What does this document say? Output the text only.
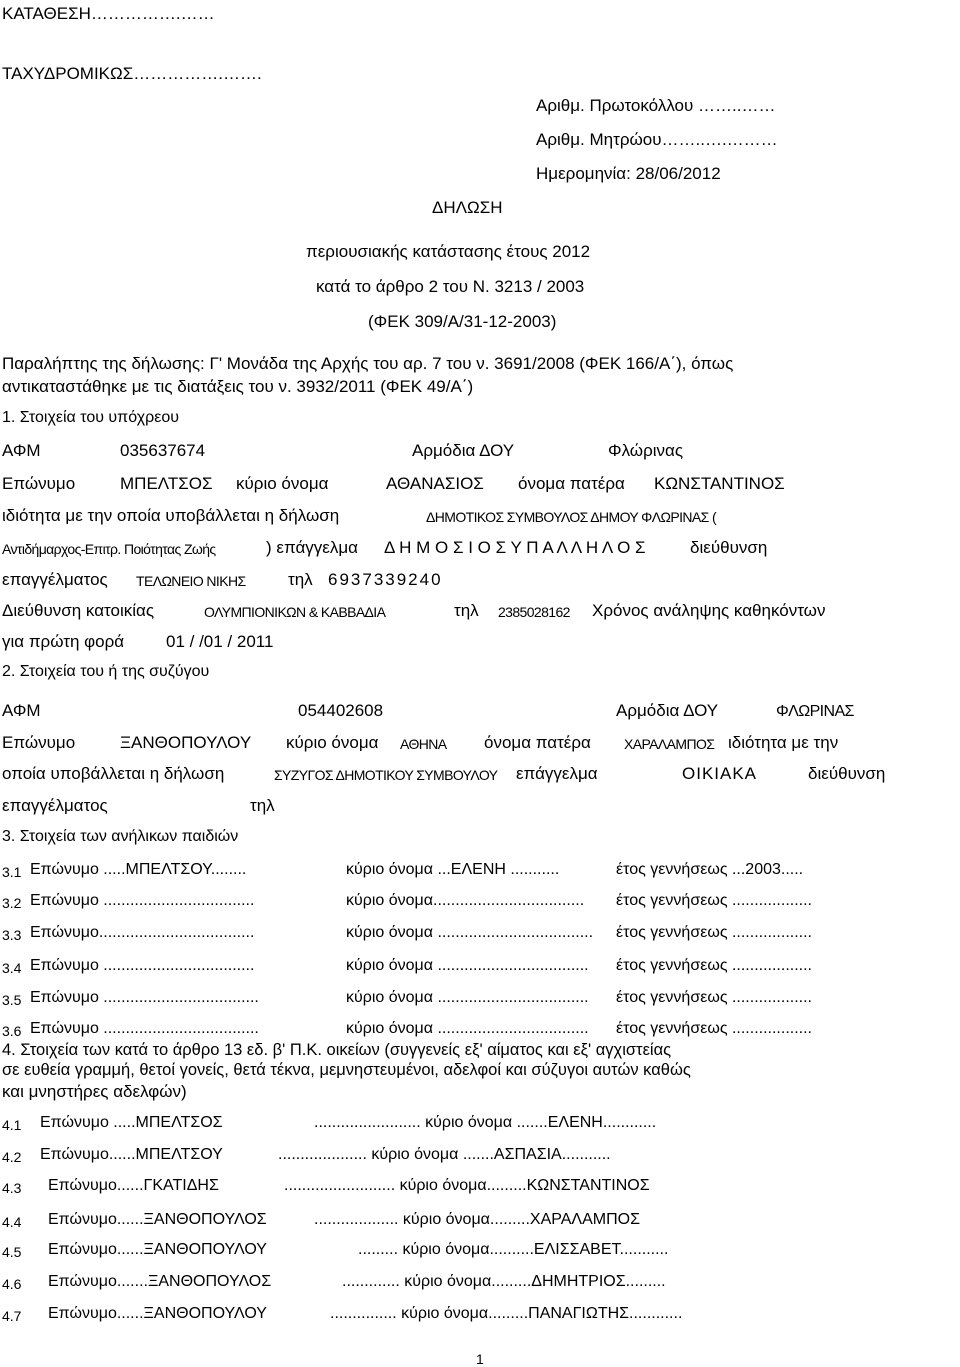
ΚΑΤΑΘΕΣΗ…………….……
ΤΑΧΥΔΡΟΜΙΚΩΣ…………….…….
Αριθμ. Πρωτοκόλλου ……..……
Αριθμ. Μητρώου……..….………
Ημερομηνία: 28/06/2012
ΔΗΛΩΣΗ
περιουσιακής κατάστασης έτους 2012
κατά το άρθρο 2 του Ν. 3213 / 2003
(ΦΕΚ 309/Α/31-12-2003)
Παραλήπτης της δήλωσης: Γ' Μονάδα της Αρχής του αρ. 7 του ν. 3691/2008 (ΦΕΚ 166/Α΄), όπως
αντικαταστάθηκε με τις διατάξεις του ν. 3932/2011 (ΦΕΚ 49/Α΄)
1. Στοιχεία του υπόχρεου
ΑΦΜ	035637674	Αρμόδια ΔΟΥ	Φλώρινας
Επώνυμο	ΜΠΕΛΤΣΟΣ κύριο όνομα	ΑΘΑΝΑΣΙΟΣ όνομα πατέρα ΚΩΝΣΤΑΝΤΙΝΟΣ
ιδιότητα με την οποία υποβάλλεται η δήλωση	ΔΗΜΟΤΙΚΟΣ ΣΥΜΒΟΥΛΟΣ ΔΗΜΟΥ ΦΛΩΡΙΝΑΣ (
Αντιδήμαρχος-Επιτρ. Ποιότητας Ζωής	) επάγγελμα Δ Η Μ Ο Σ Ι Ο Σ Υ Π Α Λ Λ Η Λ Ο Σ	διεύθυνση
επαγγέλματος ΤΕΛΩΝΕΙΟ ΝΙΚΗΣ τηλ 6937339240
Διεύθυνση κατοικίας	ΟΛΥΜΠΙΟΝΙΚΩΝ & ΚΑΒΒΑΔΙΑ	τηλ 2385028162 Χρόνος ανάληψης καθηκόντων
για πρώτη φορά 01 / /01 / 2011
2. Στοιχεία του ή της συζύγου
ΑΦΜ	054402608	Αρμόδια ΔΟΥ	ΦΛΩΡΙΝΑΣ
Επώνυμο	ΞΑΝΘΟΠΟΥΛΟΥ κύριο όνομα ΑΘΗΝΑ όνομα πατέρα ΧΑΡΑΛΑΜΠΟΣ ιδιότητα με την
οποία υποβάλλεται η δήλωση	ΣΥΖΥΓΟΣ ΔΗΜΟΤΙΚΟΥ ΣΥΜΒΟΥΛΟΥ επάγγελμα	ΟΙΚΙΑΚΑ	διεύθυνση
επαγγέλματος	τηλ
3. Στοιχεία των ανήλικων παιδιών
3.1 Επώνυμο .....ΜΠΕΛΤΣΟΥ........	κύριο όνομα ...ΕΛΕΝΗ ...........	έτος γεννήσεως ...2003.....
3.2 Επώνυμο ..................................	κύριο όνομα.................................. έτος γεννήσεως ..................
3.3 Επώνυμο...................................	κύριο όνομα ................................... έτος γεννήσεως ..................
3.4 Επώνυμο ..................................	κύριο όνομα .................................. έτος γεννήσεως ..................
3.5 Επώνυμο ...................................	κύριο όνομα .................................. έτος γεννήσεως ..................
3.6 Επώνυμο ...................................	κύριο όνομα .................................. έτος γεννήσεως ..................
4. Στοιχεία των κατά το άρθρο 13 εδ. β' Π.Κ. οικείων (συγγενείς εξ' αίματος και εξ' αγχιστείας
σε ευθεία γραμμή, θετοί γονείς, θετά τέκνα, μεμνηστευμένοι, αδελφοί και σύζυγοι αυτών καθώς
και μνηστήρες αδελφών)
4.1 Επώνυμο .....ΜΠΕΛΤΣΟΣ	........................ κύριο όνομα .......ΕΛΕΝΗ............
4.2 Επώνυμο......ΜΠΕΛΤΣΟΥ	.................... κύριο όνομα .......ΑΣΠΑΣΙΑ...........
4.3 Επώνυμο......ΓΚΑΤΙΔΗΣ	......................... κύριο όνομα.........ΚΩΝΣΤΑΝΤΙΝΟΣ
4.4 Επώνυμο......ΞΑΝΘΟΠΟΥΛΟΣ	................... κύριο όνομα.........ΧΑΡΑΛΑΜΠΟΣ
4.5 Επώνυμο......ΞΑΝΘΟΠΟΥΛΟΥ	......... κύριο όνομα..........ΕΛΙΣΣΑΒΕΤ...........
4.6 Επώνυμο.......ΞΑΝΘΟΠΟΥΛΟΣ	............. κύριο όνομα.........ΔΗΜΗΤΡΙΟΣ.........
4.7 Επώνυμο......ΞΑΝΘΟΠΟΥΛΟΥ	............... κύριο όνομα.........ΠΑΝΑΓΙΩΤΗΣ............
1
